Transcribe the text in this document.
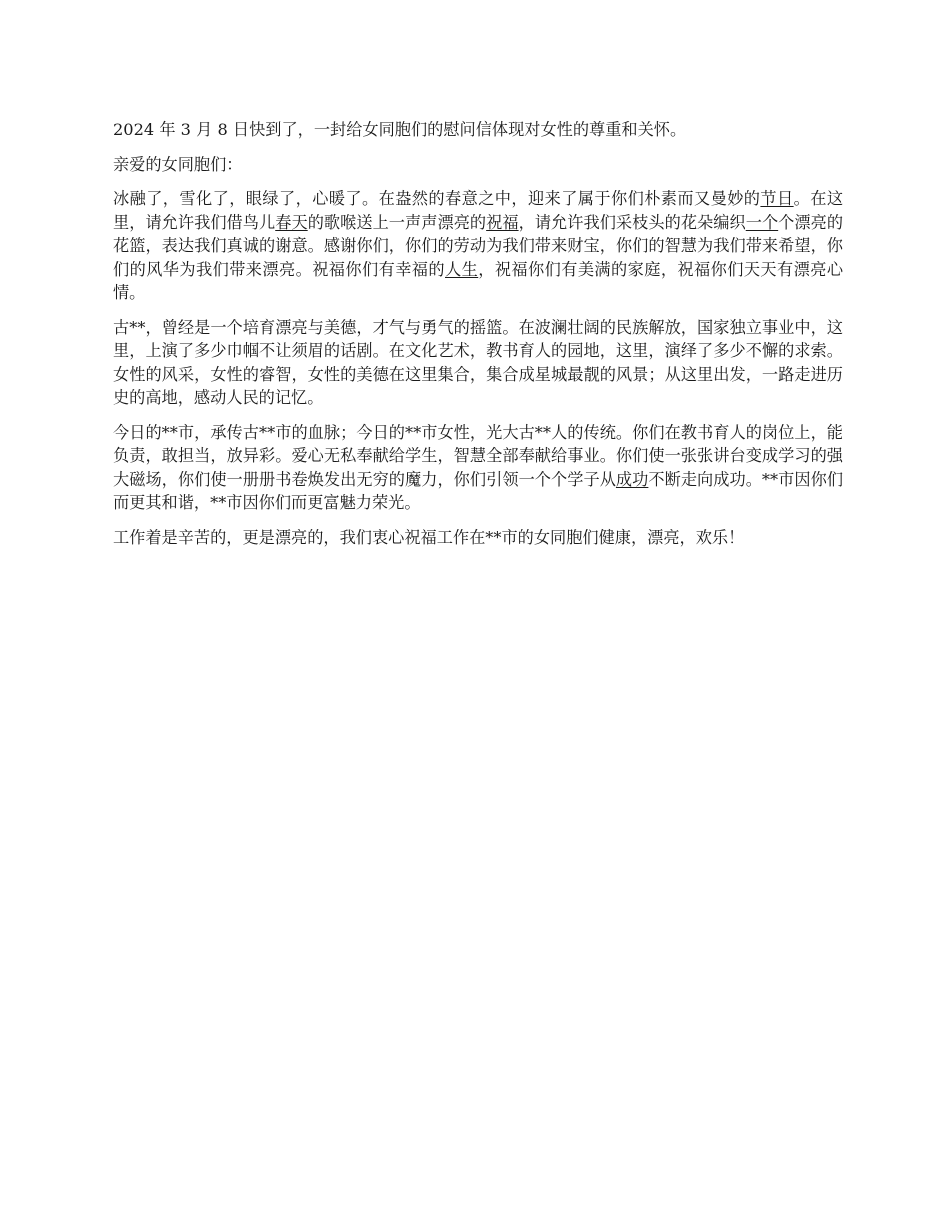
2024 年 3 月 8 日快到了，一封给女同胞们的慰问信体现对女性的尊重和关怀。

亲爱的女同胞们：

冰融了，雪化了，眼绿了，心暖了。在盎然的春意之中，迎来了属于你们朴素而又曼妙的节日。在这里，请允许我们借鸟儿春天的歌喉送上一声声漂亮的祝福，请允许我们采枝头的花朵编织一个个漂亮的花篮，表达我们真诚的谢意。感谢你们，你们的劳动为我们带来财宝，你们的智慧为我们带来希望，你们的风华为我们带来漂亮。祝福你们有幸福的人生，祝福你们有美满的家庭，祝福你们天天有漂亮心情。

古**，曾经是一个培育漂亮与美德，才气与勇气的摇篮。在波澜壮阔的民族解放，国家独立事业中，这里，上演了多少巾帼不让须眉的话剧。在文化艺术，教书育人的园地，这里，演绎了多少不懈的求索。女性的风采，女性的睿智，女性的美德在这里集合，集合成星城最靓的风景；从这里出发，一路走进历史的高地，感动人民的记忆。

今日的**市，承传古**市的血脉；今日的**市女性，光大古**人的传统。你们在教书育人的岗位上，能负责，敢担当，放异彩。爱心无私奉献给学生，智慧全部奉献给事业。你们使一张张讲台变成学习的强大磁场，你们使一册册书卷焕发出无穷的魔力，你们引领一个个学子从成功不断走向成功。**市因你们而更其和谐，**市因你们而更富魅力荣光。

工作着是辛苦的，更是漂亮的，我们衷心祝福工作在**市的女同胞们健康，漂亮，欢乐！
